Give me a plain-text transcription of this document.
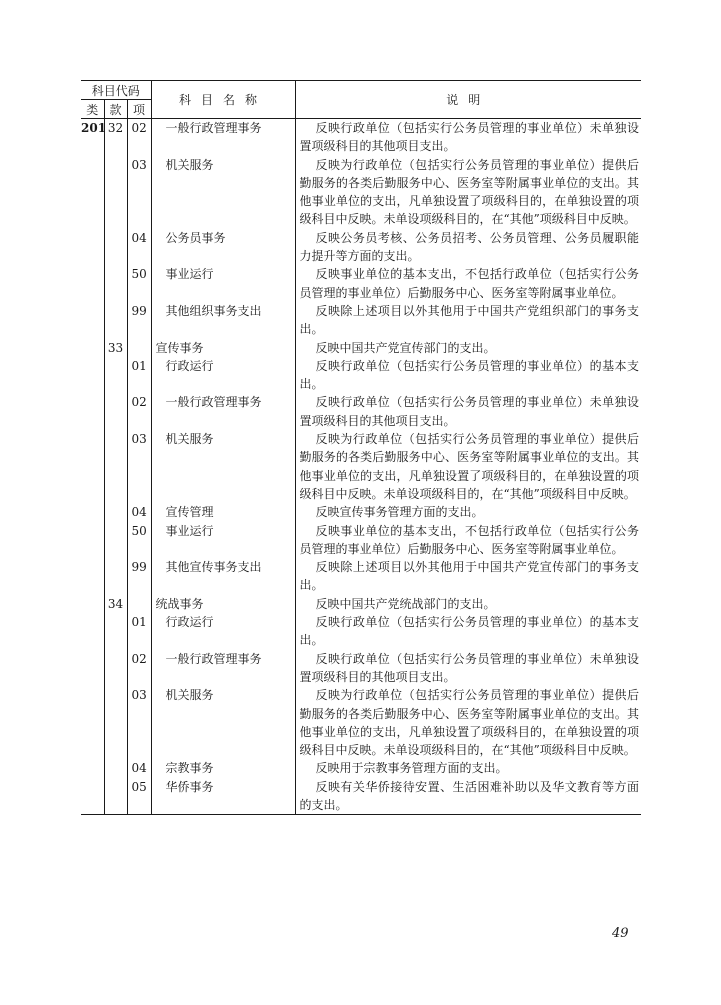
科目代码			科目名称	说明
类	款	项		
201	32	02	一般行政管理事务	反映行政单位（包括实行公务员管理的事业单位）未单独设置项级科目的其他项目支出。
		03	机关服务	反映为行政单位（包括实行公务员管理的事业单位）提供后勤服务的各类后勤服务中心、医务室等附属事业单位的支出。其他事业单位的支出，凡单独设置了项级科目的，在单独设置的项级科目中反映。未单设项级科目的，在“其他”项级科目中反映。
		04	公务员事务	反映公务员考核、公务员招考、公务员管理、公务员履职能力提升等方面的支出。
		50	事业运行	反映事业单位的基本支出，不包括行政单位（包括实行公务员管理的事业单位）后勤服务中心、医务室等附属事业单位。
		99	其他组织事务支出	反映除上述项目以外其他用于中国共产党组织部门的事务支出。
	33		宣传事务	反映中国共产党宣传部门的支出。
		01	行政运行	反映行政单位（包括实行公务员管理的事业单位）的基本支出。
		02	一般行政管理事务	反映行政单位（包括实行公务员管理的事业单位）未单独设置项级科目的其他项目支出。
		03	机关服务	反映为行政单位（包括实行公务员管理的事业单位）提供后勤服务的各类后勤服务中心、医务室等附属事业单位的支出。其他事业单位的支出，凡单独设置了项级科目的，在单独设置的项级科目中反映。未单设项级科目的，在“其他”项级科目中反映。
		04	宣传管理	反映宣传事务管理方面的支出。
		50	事业运行	反映事业单位的基本支出，不包括行政单位（包括实行公务员管理的事业单位）后勤服务中心、医务室等附属事业单位。
		99	其他宣传事务支出	反映除上述项目以外其他用于中国共产党宣传部门的事务支出。
	34		统战事务	反映中国共产党统战部门的支出。
		01	行政运行	反映行政单位（包括实行公务员管理的事业单位）的基本支出。
		02	一般行政管理事务	反映行政单位（包括实行公务员管理的事业单位）未单独设置项级科目的其他项目支出。
		03	机关服务	反映为行政单位（包括实行公务员管理的事业单位）提供后勤服务的各类后勤服务中心、医务室等附属事业单位的支出。其他事业单位的支出，凡单独设置了项级科目的，在单独设置的项级科目中反映。未单设项级科目的，在“其他”项级科目中反映。
		04	宗教事务	反映用于宗教事务管理方面的支出。
		05	华侨事务	反映有关华侨接待安置、生活困难补助以及华文教育等方面的支出。
49
